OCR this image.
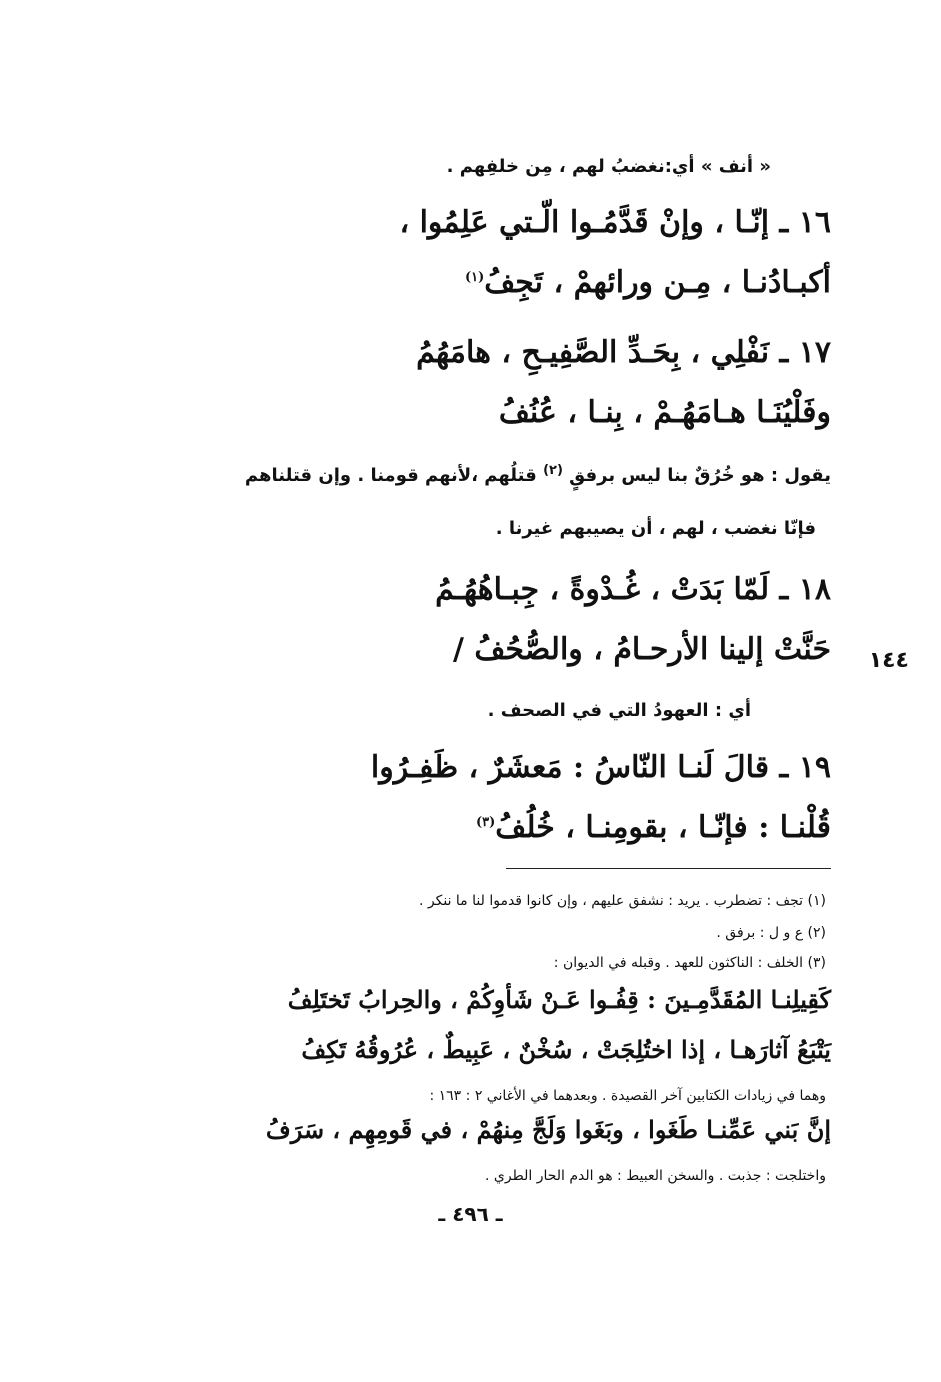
« أنف » أي:نغضبُ لهم ، مِن خلفِهم .
١٦ ـ إنّـا ، وإنْ قَدَّمُـوا الّـتي عَلِمُوا ،
أكبـادُنـا ، مِـن ورائهمْ ، تَجِفُ$^{(١)}$
١٧ ـ نَفْلِي ، بِحَـدِّ الصَّفِيـحِ ، هامَهُمُ
وفَلْيُنَـا هـامَهُـمْ ، بِنـا ، عُنُفُ
يقول : هو خُرُقٌ بنا ليس برفقٍ $^{(٢)}$ قتلُهم ،لأنهم قومنا . وإن قتلناهم
فإنّا نغضب ، لهم ، أن يصيبهم غيرنا .
١٨ ـ لَمّا بَدَتْ ، غُـدْوةً ، جِبـاهُهُـمُ
حَنَّتْ إلينا الأرحـامُ ، والصُّحُفُ / ١٤٤
أي : العهودُ التي في الصحف .
١٩ ـ قالَ لَنـا النّاسُ : مَعشَرٌ ، ظَفِـرُوا
قُلْنـا : فإنّـا ، بقومِنـا ، خُلُفُ$^{(٣)}$
(١) تجف : تضطرب . يريد : نشفق عليهم ، وإن كانوا قدموا لنا ما ننكر .
(٢) ع و ل : برفق .
(٣) الخلف : الناكثون للعهد . وقبله في الديوان :
كَقِيلِنـا المُقَدَّمِـينَ : قِفُـوا عَـنْ شَأوِكُمْ ، والحِرابُ تَختَلِفُ
يَتْبَعُ آثارَهـا ، إذا اختُلِجَتْ ، سُخْنٌ ، عَبِيطٌ ، عُرُوقُهُ تَكِفُ
وهما في زيادات الكتابين آخر القصيدة . وبعدهما في الأغاني ٢ : ١٦٣ :
إنَّ بَني عَمِّنـا طَغَوا ، وبَغَوا وَلَجَّ مِنهُمْ ، في قَومِهِم ، سَرَفُ
واختلجت : جذبت . والسخن العبيط : هو الدم الحار الطري .
ـ ٤٩٦ ـ
